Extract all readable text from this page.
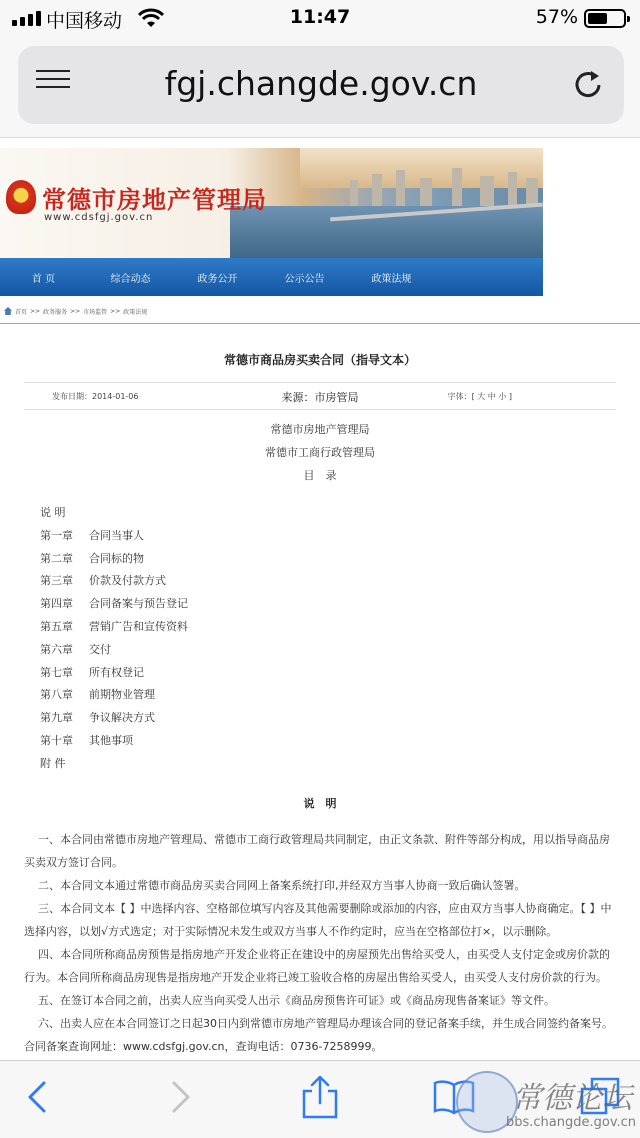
中国移动	11:47	57%
fgj.changde.gov.cn
常德市房地产管理局
www.cdsfgj.gov.cn
首 页	综合动态	政务公开	公示公告	政策法规
首页 >> 政务服务 >> 市场监管 >> 政策法规
常德市商品房买卖合同（指导文本）
发布日期：2014-01-06	来源：市房管局	字体：[ 大 中 小 ]
常德市房地产管理局
常德市工商行政管理局
目　录
说 明
第一章	合同当事人
第二章	合同标的物
第三章	价款及付款方式
第四章	合同备案与预告登记
第五章	营销广告和宣传资料
第六章	交付
第七章	所有权登记
第八章	前期物业管理
第九章	争议解决方式
第十章	其他事项
附 件
说　明

一、本合同由常德市房地产管理局、常德市工商行政管理局共同制定，由正文条款、附件等部分构成，用以指导商品房买卖双方签订合同。

二、本合同文本通过常德市商品房买卖合同网上备案系统打印,并经双方当事人协商一致后确认签署。

三、本合同文本【 】中选择内容、空格部位填写内容及其他需要删除或添加的内容，应由双方当事人协商确定。【 】中选择内容，以划√方式选定；对于实际情况未发生或双方当事人不作约定时，应当在空格部位打×，以示删除。

四、本合同所称商品房预售是指房地产开发企业将正在建设中的房屋预先出售给买受人，由买受人支付定金或房价款的行为。本合同所称商品房现售是指房地产开发企业将已竣工验收合格的房屋出售给买受人，由买受人支付房价款的行为。

五、在签订本合同之前，出卖人应当向买受人出示《商品房预售许可证》或《商品房现售备案证》等文件。

六、出卖人应在本合同签订之日起30日内到常德市房地产管理局办理该合同的登记备案手续，并生成合同签约备案号。合同备案查询网址：www.cdsfgj.gov.cn，查询电话：0736-7258999。

常德论坛
bbs.changde.gov.cn
